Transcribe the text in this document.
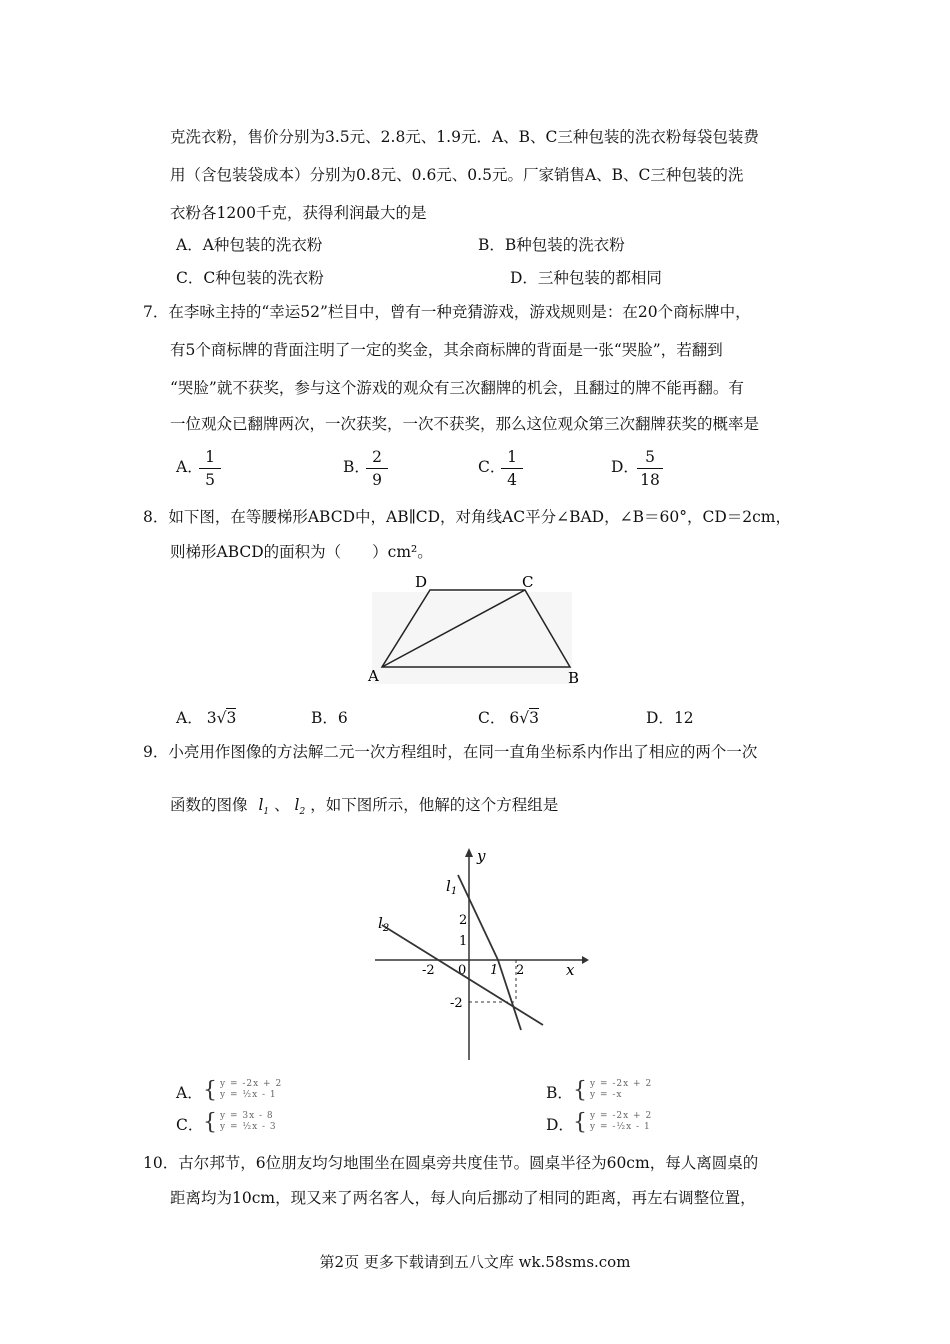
克洗衣粉，售价分别为3.5元、2.8元、1.9元．A、B、C三种包装的洗衣粉每袋包装费
用（含包装袋成本）分别为0.8元、0.6元、0.5元。厂家销售A、B、C三种包装的洗
衣粉各1200千克，获得利润最大的是
A．A种包装的洗衣粉	B．B种包装的洗衣粉
C．C种包装的洗衣粉	D．三种包装的都相同
7．在李咏主持的“幸运52”栏目中，曾有一种竞猜游戏，游戏规则是：在20个商标牌中，
有5个商标牌的背面注明了一定的奖金，其余商标牌的背面是一张“哭脸”，若翻到
“哭脸”就不获奖，参与这个游戏的观众有三次翻牌的机会，且翻过的牌不能再翻。有
一位观众已翻牌两次，一次获奖，一次不获奖，那么这位观众第三次翻牌获奖的概率是
A．
$\frac{1}{5}$	B．
$\frac{2}{9}$	C．
$\frac{1}{4}$	D．
$\frac{5}{18}$
8．如下图，在等腰梯形ABCD中，AB∥CD，对角线AC平分∠BAD，∠B＝60°，CD＝2cm，
则梯形ABCD的面积为（　　）cm²。
D	C
A	B
A． 3√3	B．6	C． 6√3	D．12
9．小亮用作图像的方法解二元一次方程组时，在同一直角坐标系内作出了相应的两个一次
函数的图像 $l_1$ 、 $l_2$ ，如下图所示，他解的这个方程组是
y
x
0
$l_1$
$l_2$
-2
1
2
2
1
-2
A． { y = -2x + 2
y = ½x - 1	B． { y = -2x + 2
y = -x
C． { y = 3x - 8
y = ½x - 3	D． { y = -2x + 2
y = -½x - 1
10．古尔邦节，6位朋友均匀地围坐在圆桌旁共度佳节。圆桌半径为60cm，每人离圆桌的
距离均为10cm，现又来了两名客人，每人向后挪动了相同的距离，再左右调整位置，
第2页 更多下载请到五八文库 wk.58sms.com
